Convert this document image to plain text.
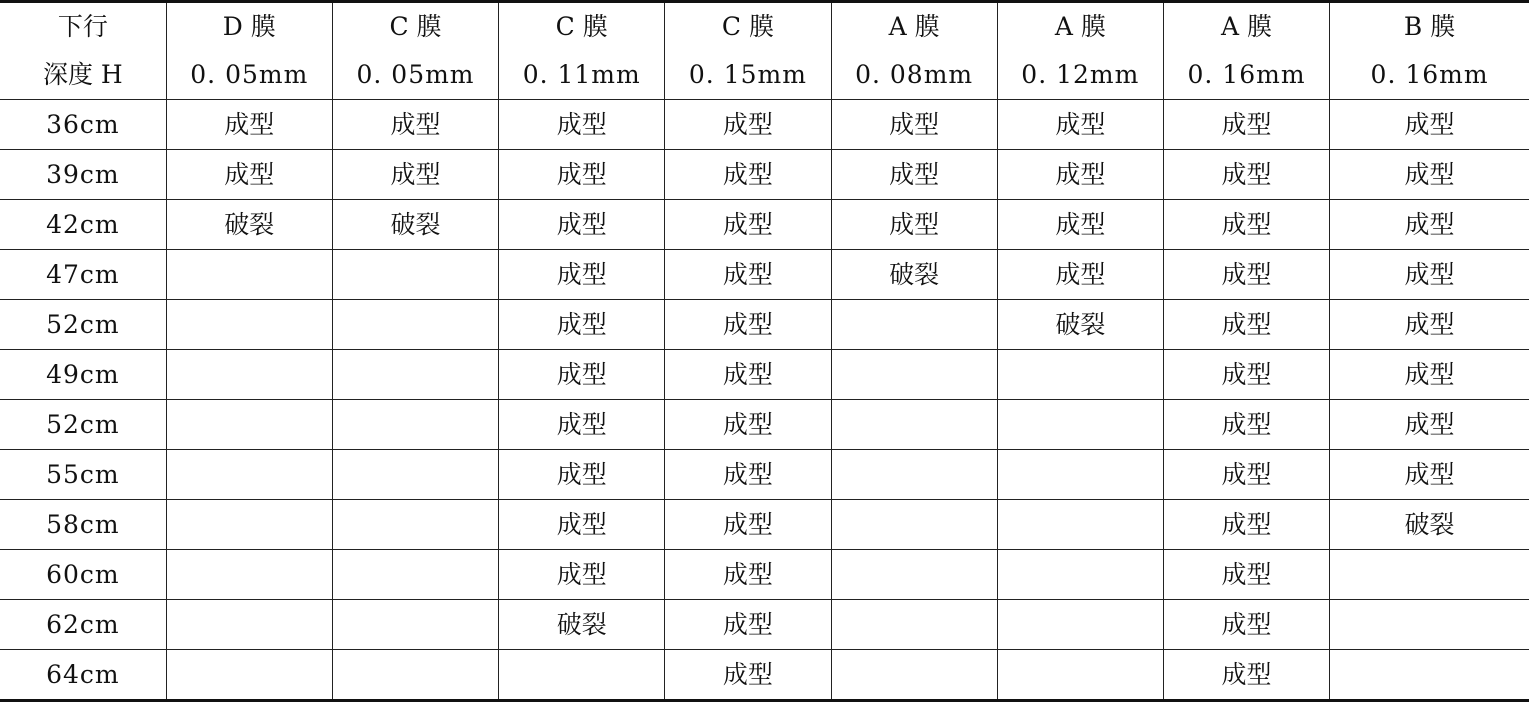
下行	D 膜	C 膜	C 膜	C 膜	A 膜	A 膜	A 膜	B 膜
深度 H	0. 05mm	0. 05mm	0. 11mm	0. 15mm	0. 08mm	0. 12mm	0. 16mm	0. 16mm
36cm	成型	成型	成型	成型	成型	成型	成型	成型
39cm	成型	成型	成型	成型	成型	成型	成型	成型
42cm	破裂	破裂	成型	成型	成型	成型	成型	成型
47cm			成型	成型	破裂	成型	成型	成型
52cm			成型	成型		破裂	成型	成型
49cm			成型	成型			成型	成型
52cm			成型	成型			成型	成型
55cm			成型	成型			成型	成型
58cm			成型	成型			成型	破裂
60cm			成型	成型			成型	
62cm			破裂	成型			成型	
64cm				成型			成型	
